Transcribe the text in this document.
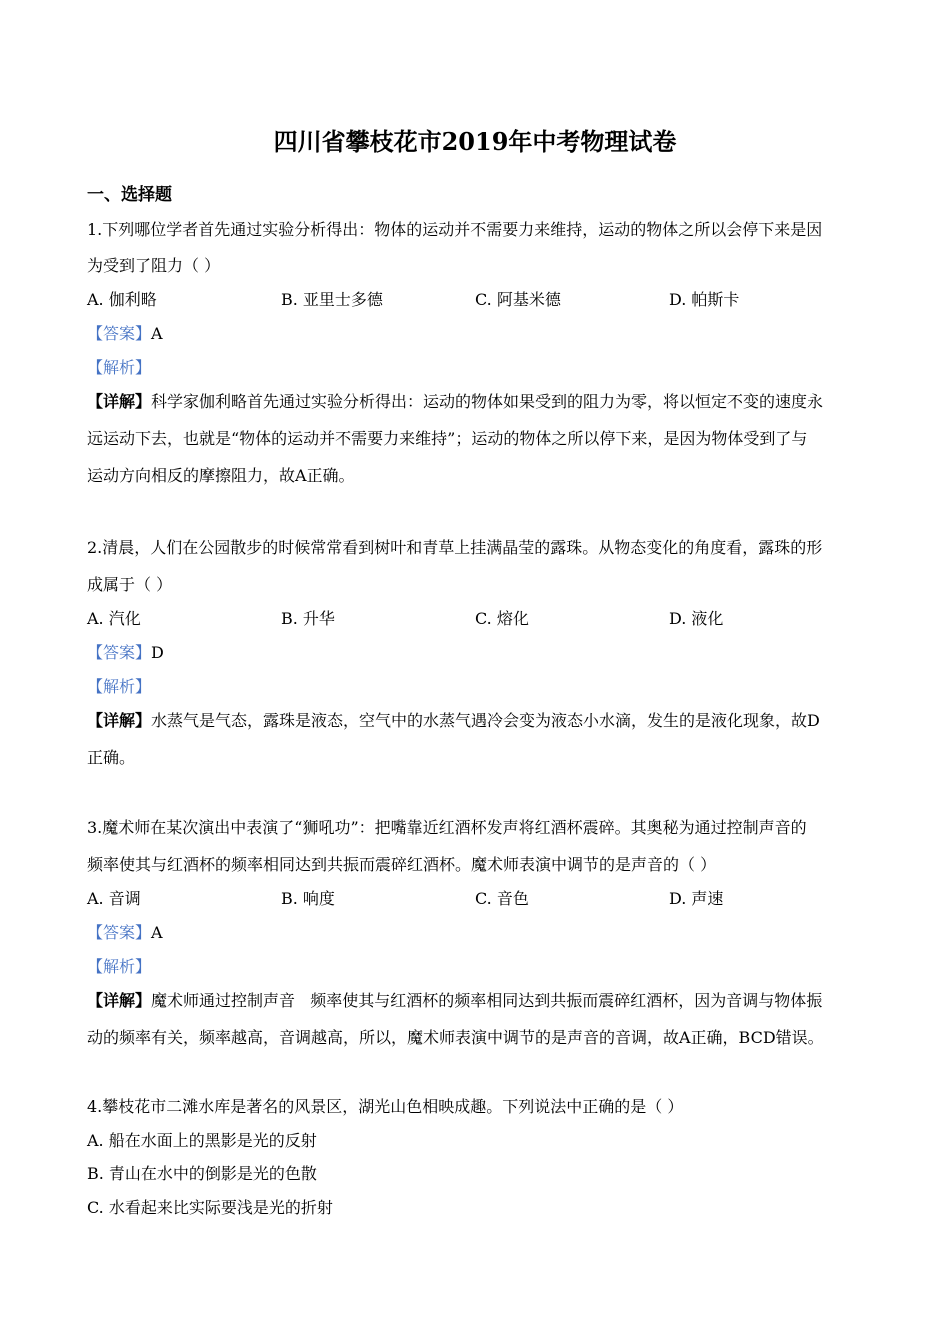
四川省攀枝花市2019年中考物理试卷
一、选择题
1.下列哪位学者首先通过实验分析得出：物体的运动并不需要力来维持，运动的物体之所以会停下来是因
为受到了阻力（ ）
A. 伽利略	B. 亚里士多德	C. 阿基米德	D. 帕斯卡
【答案】A
【解析】
【详解】科学家伽利略首先通过实验分析得出：运动的物体如果受到的阻力为零，将以恒定不变的速度永
远运动下去，也就是“物体的运动并不需要力来维持”；运动的物体之所以停下来，是因为物体受到了与
运动方向相反的摩擦阻力，故A正确。
2.清晨，人们在公园散步的时候常常看到树叶和青草上挂满晶莹的露珠。从物态变化的角度看，露珠的形
成属于（ ）
A. 汽化	B. 升华	C. 熔化	D. 液化
【答案】D
【解析】
【详解】水蒸气是气态，露珠是液态，空气中的水蒸气遇冷会变为液态小水滴，发生的是液化现象，故D
正确。
3.魔术师在某次演出中表演了“狮吼功”：把嘴靠近红酒杯发声将红酒杯震碎。其奥秘为通过控制声音的
频率使其与红酒杯的频率相同达到共振而震碎红酒杯。魔术师表演中调节的是声音的（ ）
A. 音调	B. 响度	C. 音色	D. 声速
【答案】A
【解析】
【详解】魔术师通过控制声音   频率使其与红酒杯的频率相同达到共振而震碎红酒杯，因为音调与物体振
动的频率有关，频率越高，音调越高，所以，魔术师表演中调节的是声音的音调，故A正确，BCD错误。
4.攀枝花市二滩水库是著名的风景区，湖光山色相映成趣。下列说法中正确的是（ ）
A. 船在水面上的黑影是光的反射
B. 青山在水中的倒影是光的色散
C. 水看起来比实际要浅是光的折射
